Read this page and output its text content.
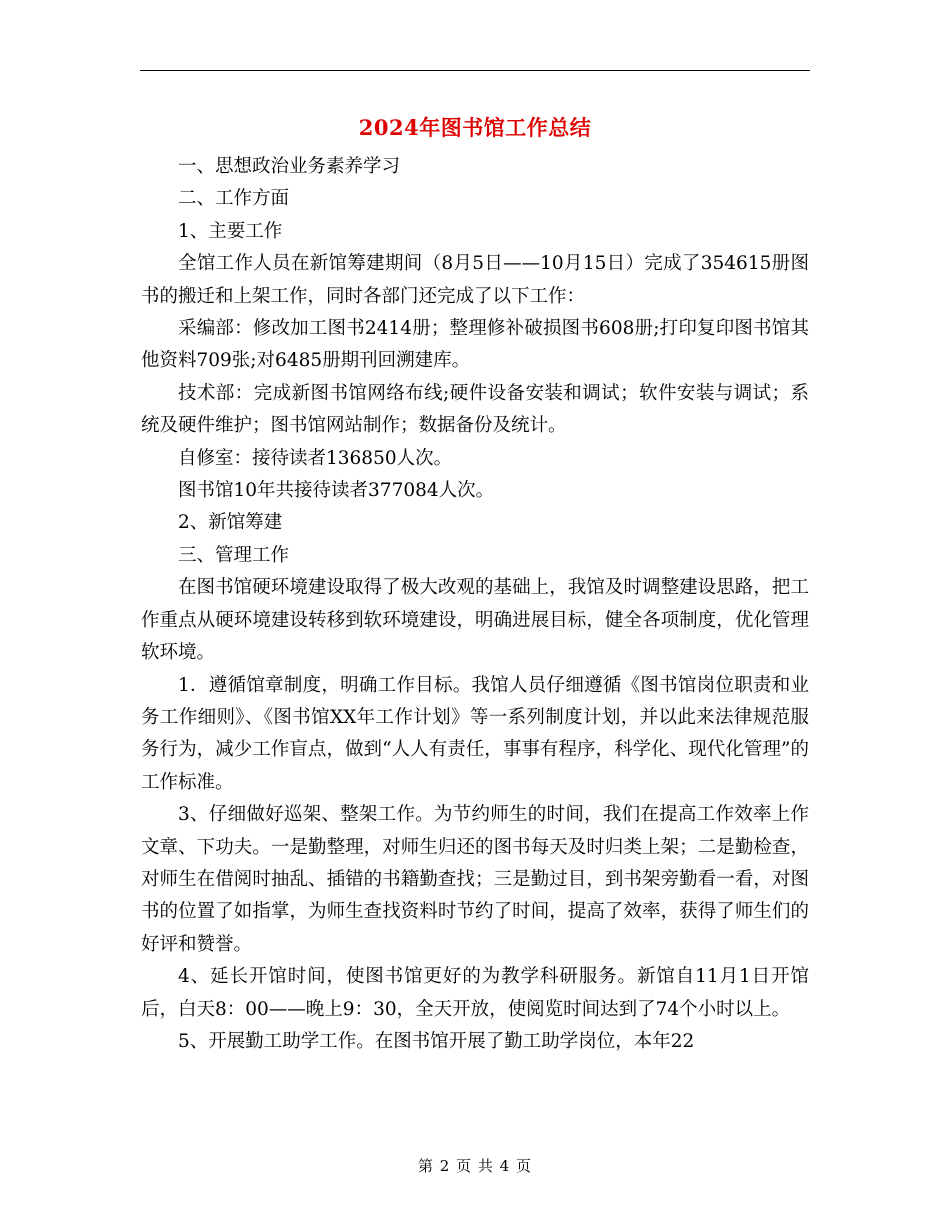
2024年图书馆工作总结

一、思想政治业务素养学习

二、工作方面

1、主要工作

全馆工作人员在新馆筹建期间（8月5日——10月15日）完成了354615册图书的搬迁和上架工作，同时各部门还完成了以下工作：

采编部：修改加工图书2414册；整理修补破损图书608册;打印复印图书馆其他资料709张;对6485册期刊回溯建库。

技术部：完成新图书馆网络布线;硬件设备安装和调试；软件安装与调试；系统及硬件维护；图书馆网站制作；数据备份及统计。

自修室：接待读者136850人次。

图书馆10年共接待读者377084人次。

2、新馆筹建

三、管理工作

在图书馆硬环境建设取得了极大改观的基础上，我馆及时调整建设思路，把工作重点从硬环境建设转移到软环境建设，明确进展目标，健全各项制度，优化管理软环境。

1．遵循馆章制度，明确工作目标。我馆人员仔细遵循《图书馆岗位职责和业务工作细则》、《图书馆XX年工作计划》等一系列制度计划，并以此来法律规范服务行为，减少工作盲点，做到“人人有责任，事事有程序，科学化、现代化管理”的工作标准。

3、仔细做好巡架、整架工作。为节约师生的时间，我们在提高工作效率上作文章、下功夫。一是勤整理，对师生归还的图书每天及时归类上架；二是勤检查，对师生在借阅时抽乱、插错的书籍勤查找；三是勤过目，到书架旁勤看一看，对图书的位置了如指掌，为师生查找资料时节约了时间，提高了效率，获得了师生们的好评和赞誉。

4、延长开馆时间，使图书馆更好的为教学科研服务。新馆自11月1日开馆后，白天8：00——晚上9：30，全天开放，使阅览时间达到了74个小时以上。

5、开展勤工助学工作。在图书馆开展了勤工助学岗位，本年22

第 2 页 共 4 页
